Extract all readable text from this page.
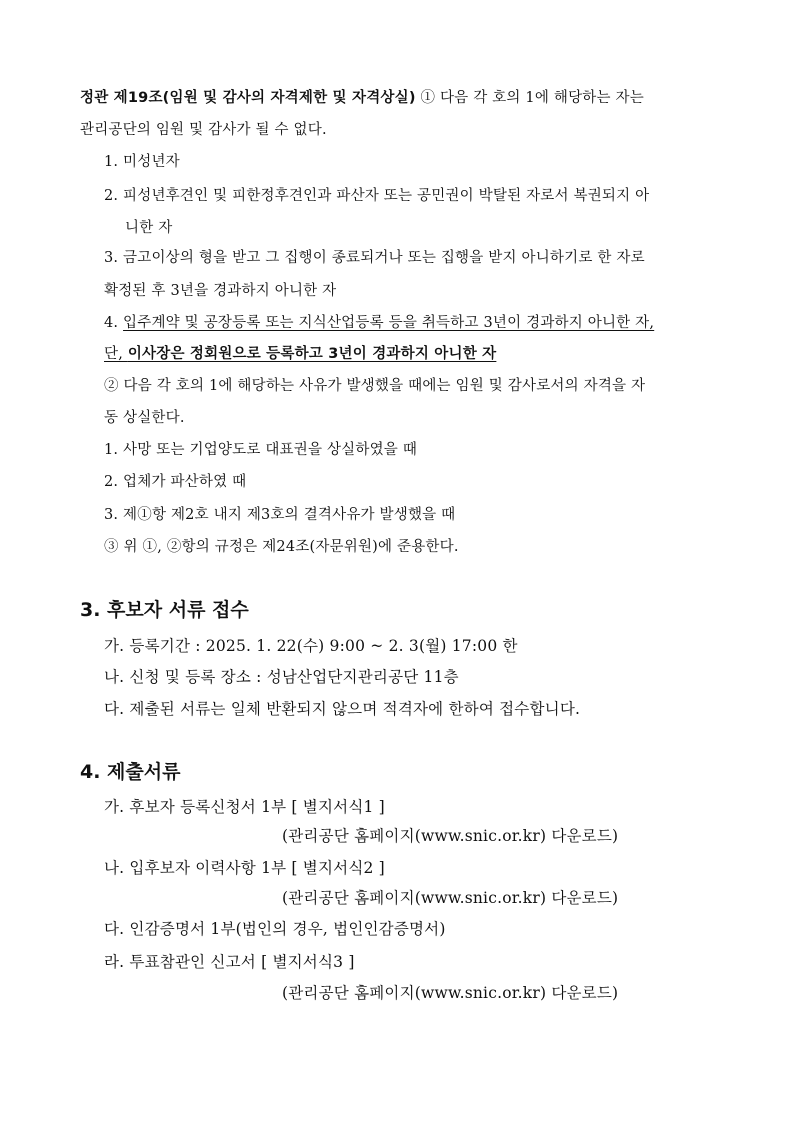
정관 제19조(임원 및 감사의 자격제한 및 자격상실) ① 다음 각 호의 1에 해당하는 자는
관리공단의 임원 및 감사가 될 수 없다.
1. 미성년자
2. 피성년후견인 및 피한정후견인과 파산자 또는 공민권이 박탈된 자로서 복권되지 아
니한 자
3. 금고이상의 형을 받고 그 집행이 종료되거나 또는 집행을 받지 아니하기로 한 자로
확정된 후 3년을 경과하지 아니한 자
4. 입주계약 및 공장등록 또는 지식산업등록 등을 취득하고 3년이 경과하지 아니한 자,
단, 이사장은 정회원으로 등록하고 3년이 경과하지 아니한 자
② 다음 각 호의 1에 해당하는 사유가 발생했을 때에는 임원 및 감사로서의 자격을 자
동 상실한다.
1. 사망 또는 기업양도로 대표권을 상실하였을 때
2. 업체가 파산하였 때
3. 제①항 제2호 내지 제3호의 결격사유가 발생했을 때
③ 위 ①, ②항의 규정은 제24조(자문위원)에 준용한다.
3. 후보자 서류 접수
가. 등록기간 : 2025. 1. 22(수) 9:00 ~ 2. 3(월) 17:00 한
나. 신청 및 등록 장소 : 성남산업단지관리공단 11층
다. 제출된 서류는 일체 반환되지 않으며 적격자에 한하여 접수합니다.
4. 제출서류
가. 후보자 등록신청서 1부 [ 별지서식1 ]
(관리공단 홈페이지(www.snic.or.kr) 다운로드)
나. 입후보자 이력사항 1부 [ 별지서식2 ]
(관리공단 홈페이지(www.snic.or.kr) 다운로드)
다. 인감증명서 1부(법인의 경우, 법인인감증명서)
라. 투표참관인 신고서 [ 별지서식3 ]
(관리공단 홈페이지(www.snic.or.kr) 다운로드)
